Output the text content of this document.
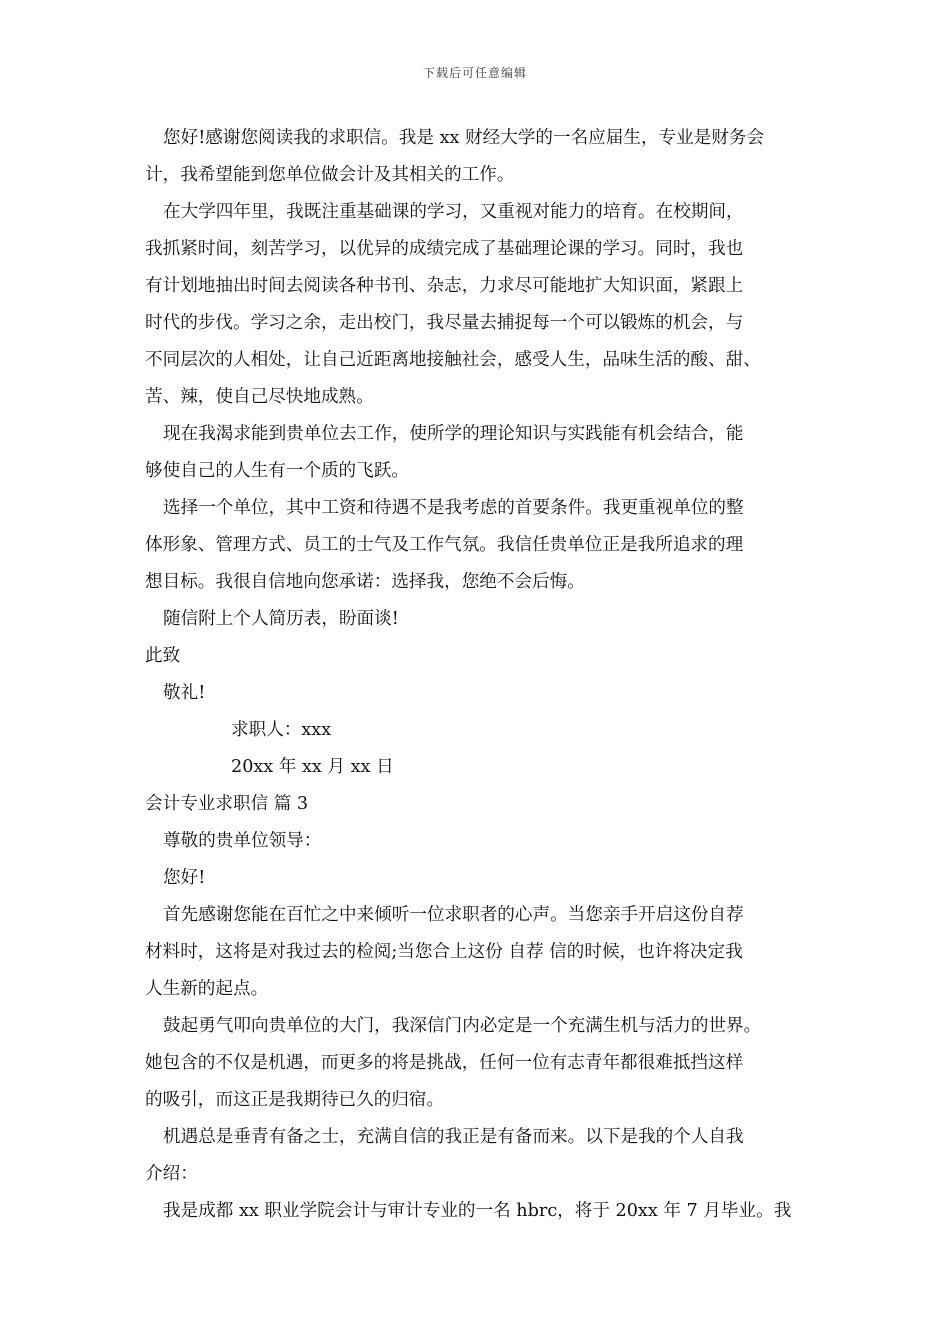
下载后可任意编辑
您好!感谢您阅读我的求职信。我是 xx 财经大学的一名应届生，专业是财务会
计，我希望能到您单位做会计及其相关的工作。
在大学四年里，我既注重基础课的学习，又重视对能力的培育。在校期间，
我抓紧时间，刻苦学习，以优异的成绩完成了基础理论课的学习。同时，我也
有计划地抽出时间去阅读各种书刊、杂志，力求尽可能地扩大知识面，紧跟上
时代的步伐。学习之余，走出校门，我尽量去捕捉每一个可以锻炼的机会，与
不同层次的人相处，让自己近距离地接触社会，感受人生，品味生活的酸、甜、
苦、辣，使自己尽快地成熟。
现在我渴求能到贵单位去工作，使所学的理论知识与实践能有机会结合，能
够使自己的人生有一个质的飞跃。
选择一个单位，其中工资和待遇不是我考虑的首要条件。我更重视单位的整
体形象、管理方式、员工的士气及工作气氛。我信任贵单位正是我所追求的理
想目标。我很自信地向您承诺：选择我，您绝不会后悔。
随信附上个人简历表，盼面谈!
此致
敬礼!
求职人：xxx
20xx 年 xx 月 xx 日
会计专业求职信 篇 3
尊敬的贵单位领导：
您好!
首先感谢您能在百忙之中来倾听一位求职者的心声。当您亲手开启这份自荐
材料时，这将是对我过去的检阅;当您合上这份 自荐 信的时候，也许将决定我
人生新的起点。
鼓起勇气叩向贵单位的大门，我深信门内必定是一个充满生机与活力的世界。
她包含的不仅是机遇，而更多的将是挑战，任何一位有志青年都很难抵挡这样
的吸引，而这正是我期待已久的归宿。
机遇总是垂青有备之士，充满自信的我正是有备而来。以下是我的个人自我
介绍：
我是成都 xx 职业学院会计与审计专业的一名 hbrc，将于 20xx 年 7 月毕业。我
